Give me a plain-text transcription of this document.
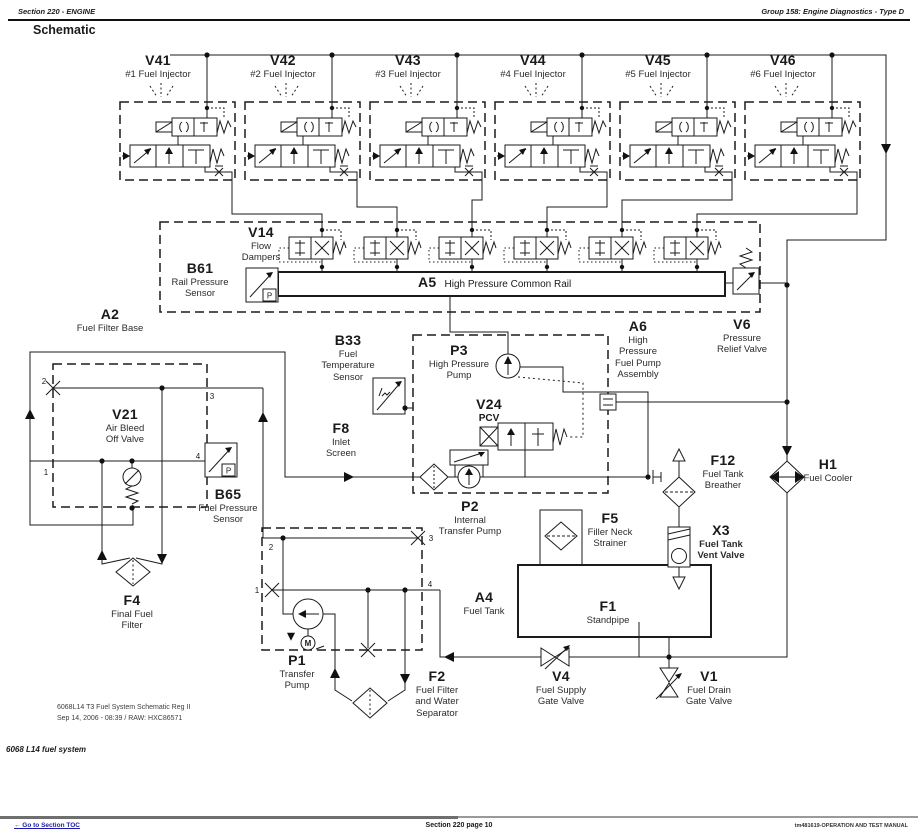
Section 220 - ENGINE	Group 158: Engine Diagnostics - Type D
Schematic
2
3
1
4
2
3
1
4
M
P
P
V41
#1 Fuel Injector
V42
#2 Fuel Injector
V43
#3 Fuel Injector
V44
#4 Fuel Injector
V45
#5 Fuel Injector
V46
#6 Fuel Injector
V14
Flow
Dampers
B61
Rail Pressure
Sensor
A5 High Pressure Common Rail
A2
Fuel Filter Base
V21
Air Bleed
Off Valve
B65
Fuel Pressure
Sensor
B33
Fuel
Temperature
Sensor
P3
High Pressure
Pump
A6
High
Pressure
Fuel Pump
Assembly
V6
Pressure
Relief Valve
V24
PCV
F8
Inlet
Screen
P2
Internal
Transfer Pump
F4
Final Fuel
Filter
P1
Transfer
Pump
F2
Fuel Filter
and Water
Separator
F12
Fuel Tank
Breather
H1
Fuel Cooler
X3
Fuel Tank
Vent Valve
F5
Filler Neck
Strainer
A4
Fuel Tank	F1
Standpipe
V4
Fuel Supply
Gate Valve
V1
Fuel Drain
Gate Valve
6068L14 T3 Fuel System Schematic Reg II
Sep 14, 2006 - 08:39 / RAW: HXC86571
6068 L14 fuel system
← Go to Section TOC	Section 220 page 10	tm481619-OPERATION AND TEST MANUAL
